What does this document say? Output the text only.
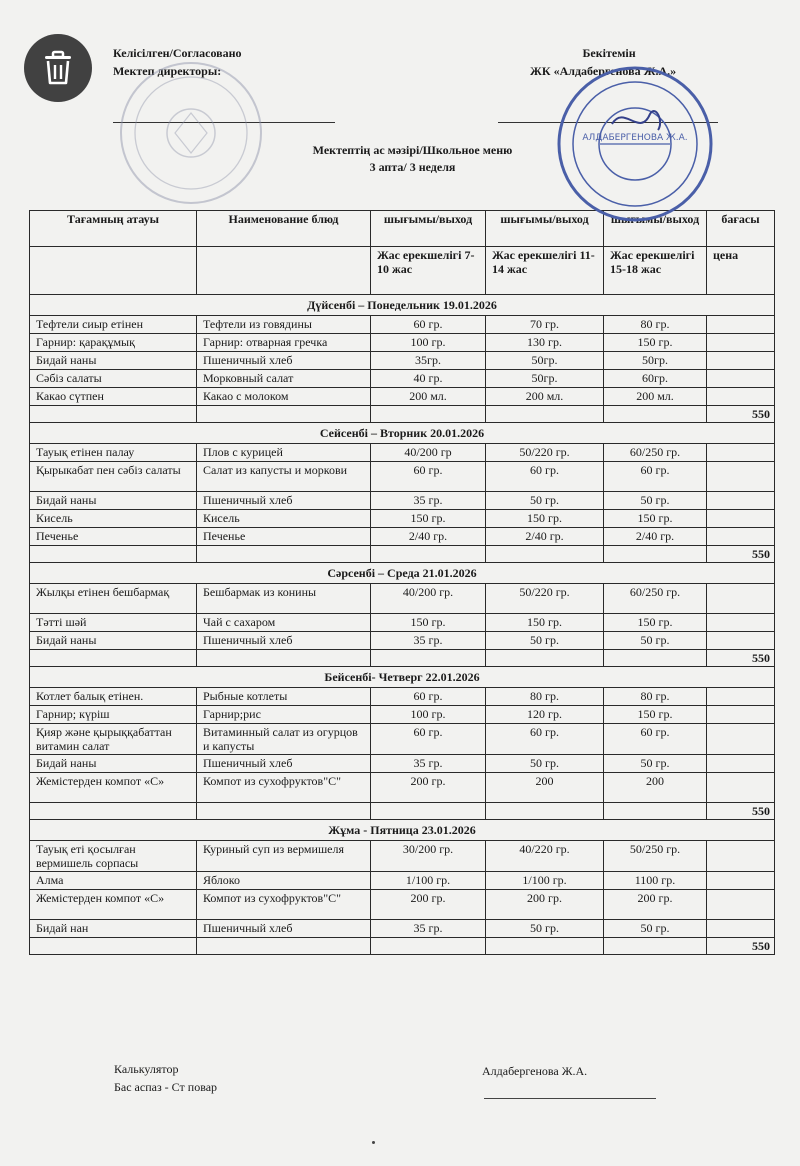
АЛДАБЕРГЕНОВА Ж.А.
Келісілген/Согласовано
Мектеп директоры:
Бекітемін
ЖК «Алдабергенова Ж.А.»
Мектептің ас мәзірі/Школьное меню
3 апта/ 3 неделя
Тағамның атауы	Наименование блюд	шығымы/выход	шығымы/выход	шығымы/выход	бағасы
		Жас ерекшелігі 7-10 жас	Жас ерекшелігі 11-14 жас	Жас ерекшелігі 15-18 жас	цена
Дүйсенбі – Понедельник 19.01.2026					
Тефтели сиыр етінен	Тефтели из говядины	60 гр.	70 гр.	80 гр.	
Гарнир: қарақұмық	Гарнир: отварная гречка	100 гр.	130 гр.	150 гр.	
Бидай наны	Пшеничный хлеб	35гр.	50гр.	50гр.	
Сәбіз салаты	Морковный салат	40 гр.	50гр.	60гр.	
Какао сүтпен	Какао с молоком	200 мл.	200 мл.	200 мл.	
					550
Сейсенбі – Вторник 20.01.2026					
Тауық етінен палау	Плов с курицей	40/200 гр	50/220 гр.	60/250 гр.	
Қырыкабат пен сәбіз салаты	Салат из капусты и моркови	60 гр.	60 гр.	60 гр.	
Бидай наны	Пшеничный хлеб	35 гр.	50 гр.	50 гр.	
Кисель	Кисель	150 гр.	150 гр.	150 гр.	
Печенье	Печенье	2/40 гр.	2/40 гр.	2/40 гр.	
					550
Сәрсенбі – Среда 21.01.2026					
Жылқы етінен бешбармақ	Бешбармак из конины	40/200 гр.	50/220 гр.	60/250 гр.	
Тәтті шәй	Чай с сахаром	150 гр.	150 гр.	150 гр.	
Бидай наны	Пшеничный хлеб	35 гр.	50 гр.	50 гр.	
					550
Бейсенбі- Четверг 22.01.2026					
Котлет балық етінен.	Рыбные котлеты	60 гр.	80 гр.	80 гр.	
Гарнир; күріш	Гарнир;рис	100 гр.	120 гр.	150 гр.	
Қияр және қырыққабаттан витамин салат	Витаминный салат из огурцов и капусты	60 гр.	60 гр.	60 гр.	
Бидай наны	Пшеничный хлеб	35 гр.	50 гр.	50 гр.	
Жемістерден компот «С»	Компот из сухофруктов"С"	200 гр.	200	200	
					550
Жұма - Пятница 23.01.2026					
Тауық еті қосылған вермишель сорпасы	Куриный суп из вермишеля	30/200 гр.	40/220 гр.	50/250 гр.	
Алма	Яблоко	1/100 гр.	1/100 гр.	1100 гр.	
Жемістерден компот «С»	Компот из сухофруктов"С"	200 гр.	200 гр.	200 гр.	
Бидай нан	Пшеничный хлеб	35 гр.	50 гр.	50 гр.	
					550
Калькулятор
Бас аспаз - Ст повар
Алдабергенова Ж.А.
